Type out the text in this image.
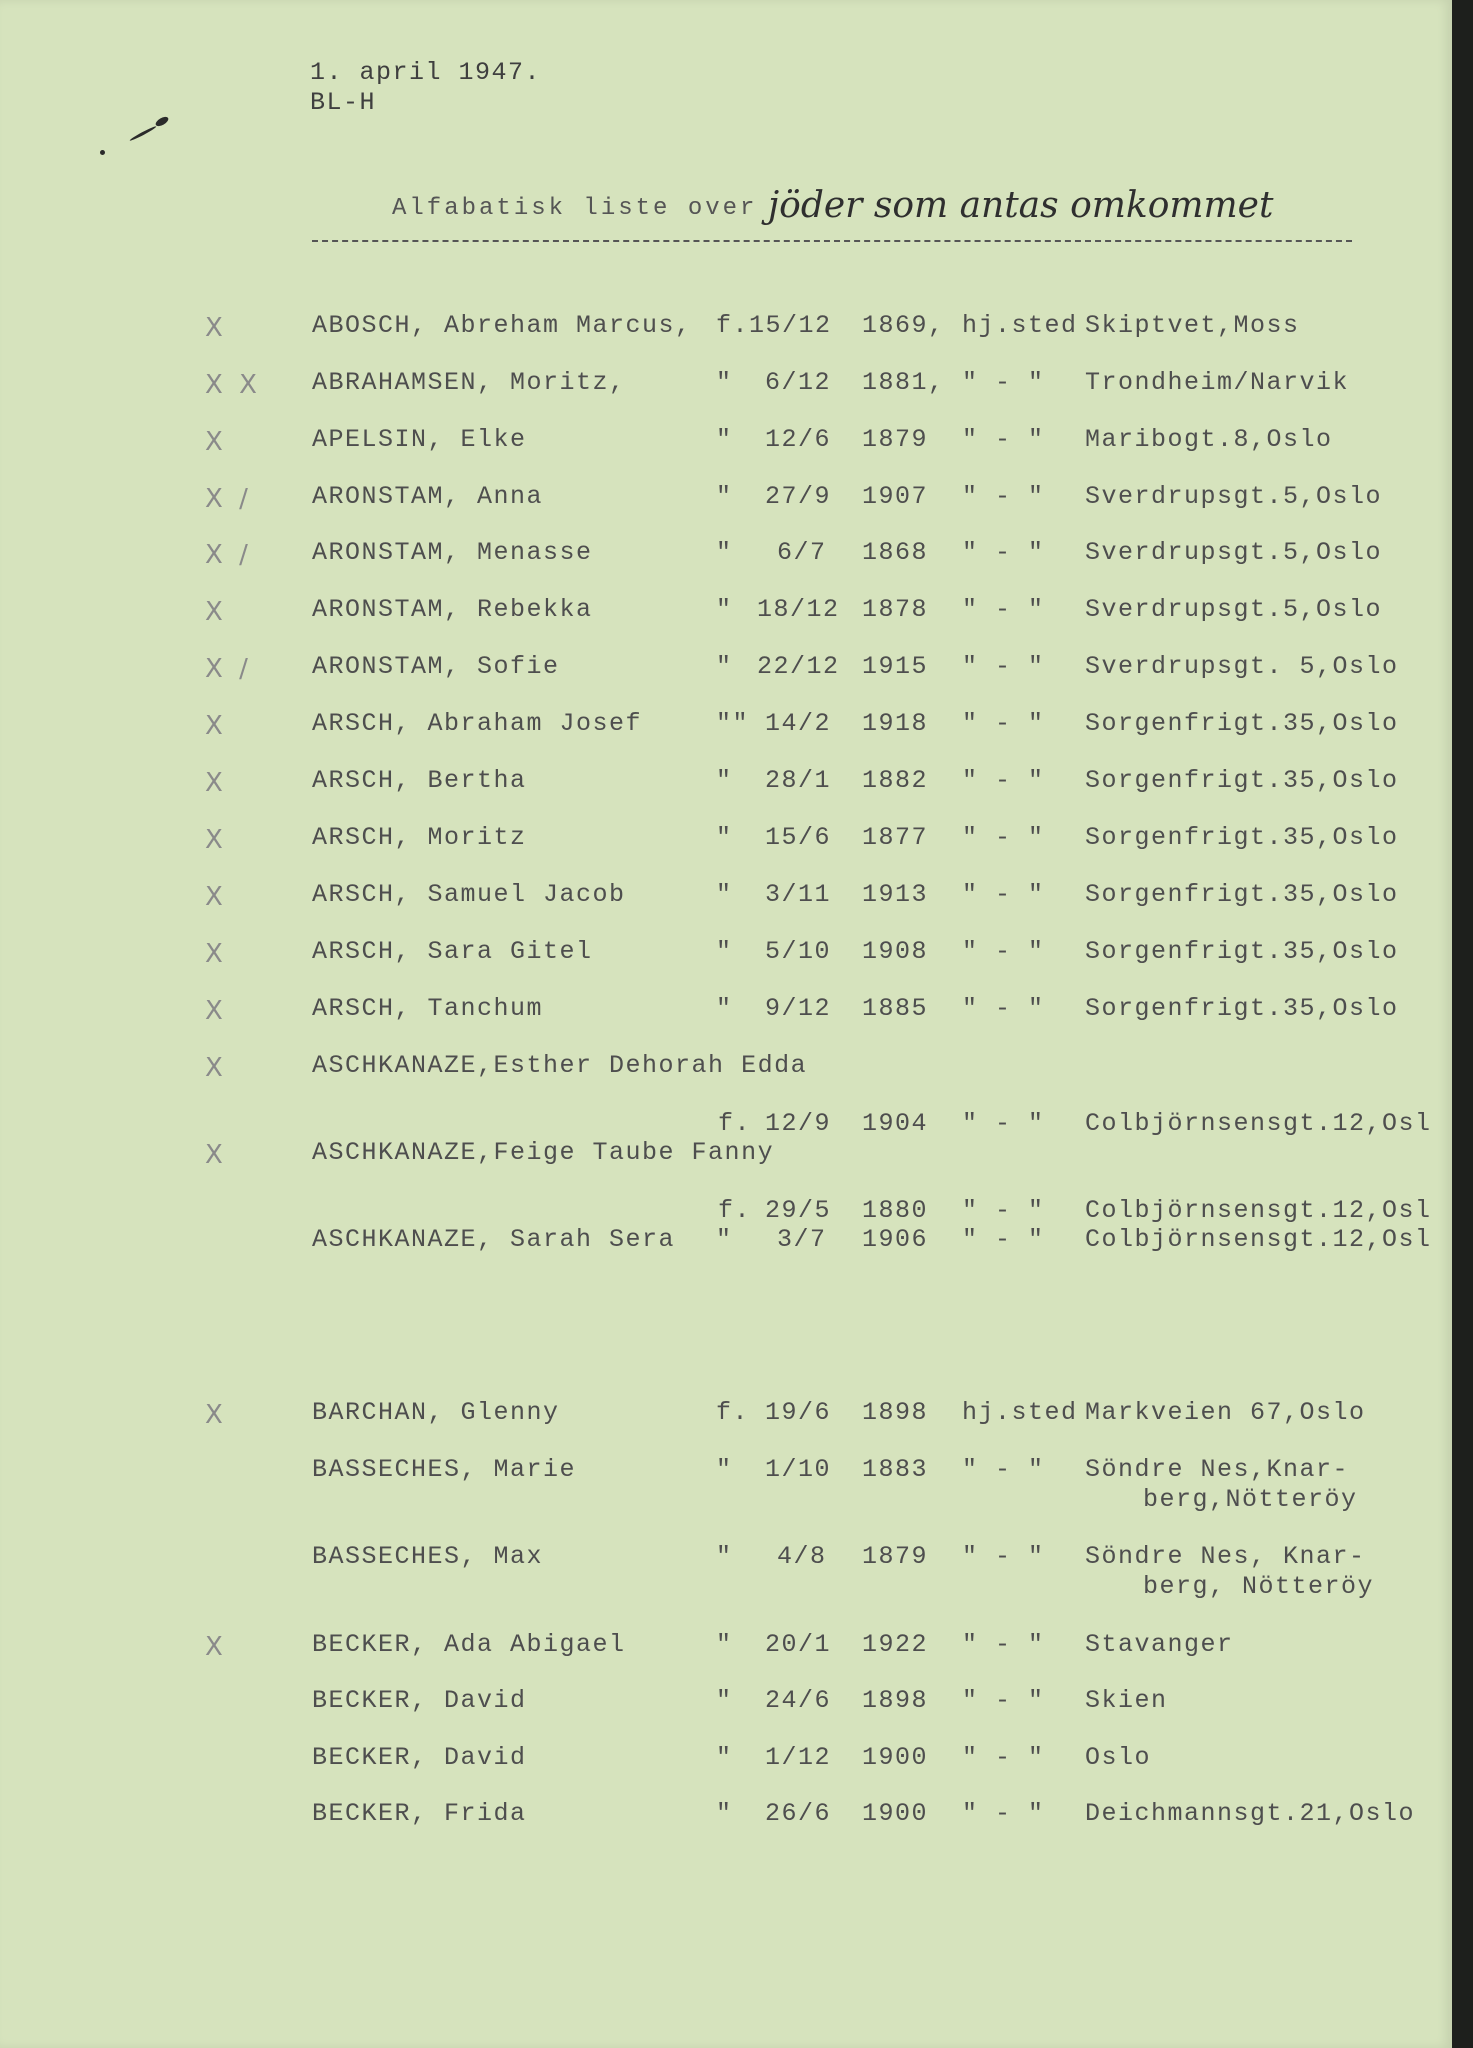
1. april 1947.
BL-H
Alfabatisk liste over jöder som antas omkommet
X	ABOSCH, Abreham Marcus, f.15/12 1869, hj.sted Skiptvet,Moss
X X ABRAHAMSEN, Moritz,	" 6/12 1881, " - " Trondheim/Narvik
X	APELSIN, Elke	" 12/6 1879 " - " Maribogt.8,Oslo
X / ARONSTAM, Anna	" 27/9 1907 " - " Sverdrupsgt.5,Oslo
X / ARONSTAM, Menasse	" 6/7 1868 " - " Sverdrupsgt.5,Oslo
X	ARONSTAM, Rebekka	" 18/12 1878 " - " Sverdrupsgt.5,Oslo
X / ARONSTAM, Sofie	" 22/12 1915 " - " Sverdrupsgt. 5,Oslo
X	ARSCH, Abraham Josef	"" 14/2 1918 " - " Sorgenfrigt.35,Oslo
X	ARSCH, Bertha	" 28/1 1882 " - " Sorgenfrigt.35,Oslo
X	ARSCH, Moritz	" 15/6 1877 " - " Sorgenfrigt.35,Oslo
X	ARSCH, Samuel Jacob	" 3/11 1913 " - " Sorgenfrigt.35,Oslo
X	ARSCH, Sara Gitel	" 5/10 1908 " - " Sorgenfrigt.35,Oslo
X	ARSCH, Tanchum	" 9/12 1885 " - " Sorgenfrigt.35,Oslo
X	ASCHKANAZE,Esther Dehorah Edda
f. 12/9 1904 " - " Colbjörnsensgt.12,Osl
X	ASCHKANAZE,Feige Taube Fanny
f. 29/5 1880 " - " Colbjörnsensgt.12,Osl
ASCHKANAZE, Sarah Sera " 3/7 1906 " - " Colbjörnsensgt.12,Osl
X	BARCHAN, Glenny	f. 19/6 1898 hj.sted Markveien 67,Oslo
BASSECHES, Marie	" 1/10 1883 " - " Söndre Nes,Knar-
berg,Nötteröy
BASSECHES, Max	" 4/8 1879 " - " Söndre Nes, Knar-
berg, Nötteröy
X	BECKER, Ada Abigael	" 20/1 1922 " - " Stavanger
BECKER, David	" 24/6 1898 " - " Skien
BECKER, David	" 1/12 1900 " - " Oslo
BECKER, Frida	" 26/6 1900 " - " Deichmannsgt.21,Oslo
